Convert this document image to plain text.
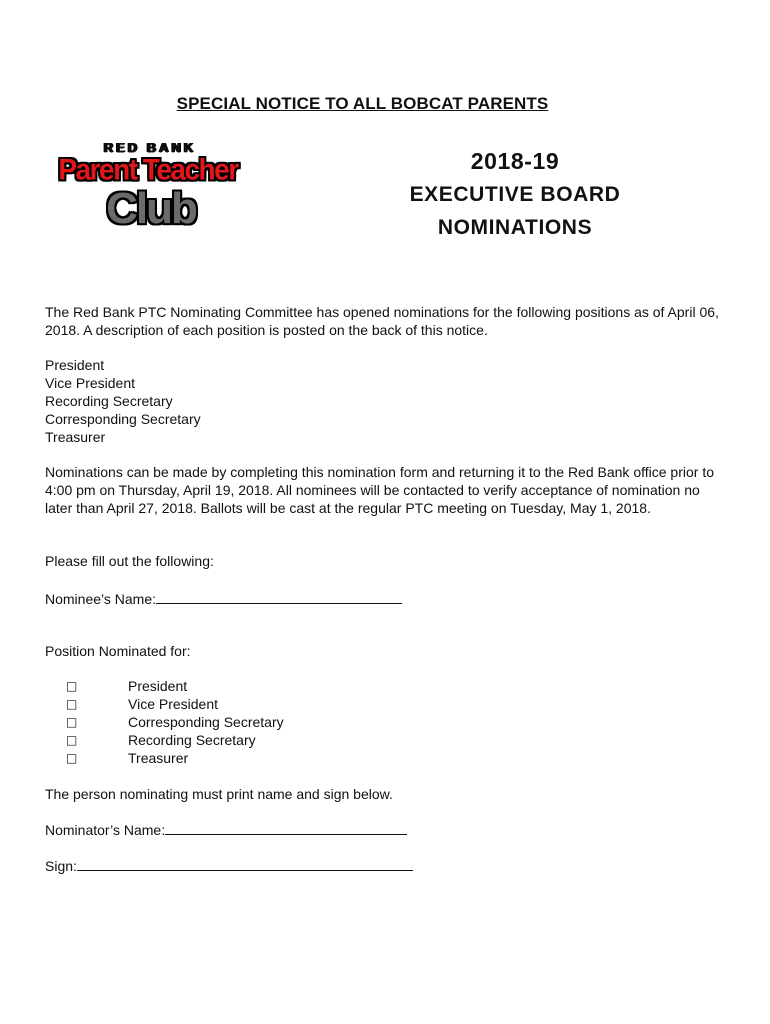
SPECIAL NOTICE TO ALL BOBCAT PARENTS
RED BANK
Parent Teacher
Club
2018-19
EXECUTIVE BOARD
NOMINATIONS
The Red Bank PTC Nominating Committee has opened nominations for the following positions as of April 06, 2018. A description of each position is posted on the back of this notice.
President
Vice President
Recording Secretary
Corresponding Secretary
Treasurer
Nominations can be made by completing this nomination form and returning it to the Red Bank office prior to 4:00 pm on Thursday, April 19, 2018. All nominees will be contacted to verify acceptance of nomination no later than April 27, 2018. Ballots will be cast at the regular PTC meeting on Tuesday, May 1, 2018.
Please fill out the following:
Nominee’s Name:
Position Nominated for:
□	President
□	Vice President
□	Corresponding Secretary
□	Recording Secretary
□	Treasurer
The person nominating must print name and sign below.
Nominator’s Name:
Sign:
